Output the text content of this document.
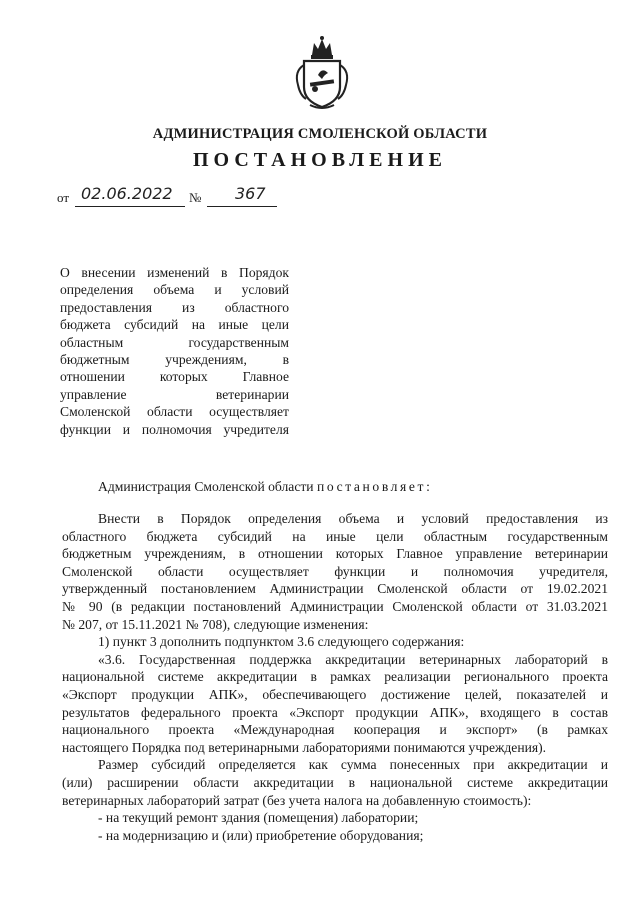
АДМИНИСТРАЦИЯ СМОЛЕНСКОЙ ОБЛАСТИ
ПОСТАНОВЛЕНИЕ
от 02.06.2022 № 367
О внесении изменений в Порядок
определения объема и условий
предоставления из областного
бюджета субсидий на иные цели
областным государственным
бюджетным учреждениям, в
отношении которых Главное
управление ветеринарии
Смоленской области осуществляет
функции и полномочия учредителя
Администрация Смоленской области постановляет:
Внести в Порядок определения объема и условий предоставления из
областного бюджета субсидий на иные цели областным государственным
бюджетным учреждениям, в отношении которых Главное управление ветеринарии
Смоленской области осуществляет функции и полномочия учредителя,
утвержденный постановлением Администрации Смоленской области от 19.02.2021
№ 90 (в редакции постановлений Администрации Смоленской области от 31.03.2021
№ 207, от 15.11.2021 № 708), следующие изменения:
1) пункт 3 дополнить подпунктом 3.6 следующего содержания:
«3.6. Государственная поддержка аккредитации ветеринарных лабораторий в
национальной системе аккредитации в рамках реализации регионального проекта
«Экспорт продукции АПК», обеспечивающего достижение целей, показателей и
результатов федерального проекта «Экспорт продукции АПК», входящего в состав
национального проекта «Международная кооперация и экспорт» (в рамках
настоящего Порядка под ветеринарными лабораториями понимаются учреждения).
Размер субсидий определяется как сумма понесенных при аккредитации и
(или) расширении области аккредитации в национальной системе аккредитации
ветеринарных лабораторий затрат (без учета налога на добавленную стоимость):
- на текущий ремонт здания (помещения) лаборатории;
- на модернизацию и (или) приобретение оборудования;
